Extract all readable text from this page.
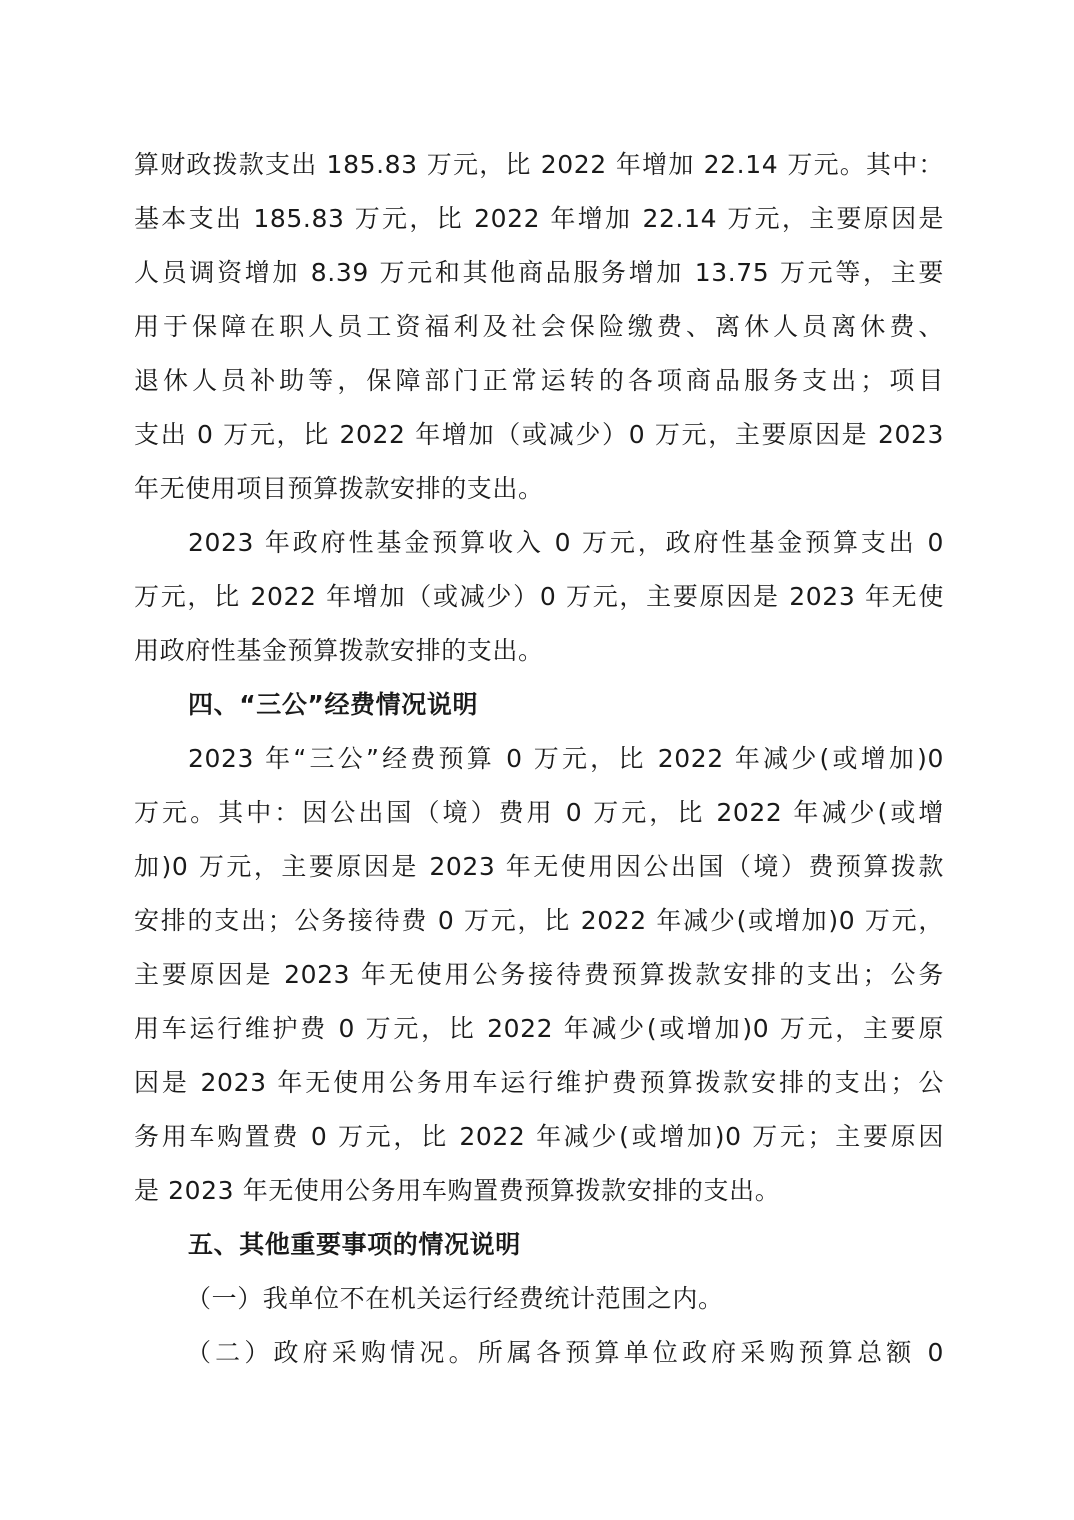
算财政拨款支出 185.83 万元，比 2022 年增加 22.14 万元。其中：
基本支出 185.83 万元，比 2022 年增加 22.14 万元，主要原因是
人员调资增加 8.39 万元和其他商品服务增加 13.75 万元等，主要
用于保障在职人员工资福利及社会保险缴费、离休人员离休费、
退休人员补助等，保障部门正常运转的各项商品服务支出；项目
支出 0 万元，比 2022 年增加（或减少）0 万元，主要原因是 2023
年无使用项目预算拨款安排的支出。
2023 年政府性基金预算收入 0 万元，政府性基金预算支出 0
万元，比 2022 年增加（或减少）0 万元，主要原因是 2023 年无使
用政府性基金预算拨款安排的支出。
四、“三公”经费情况说明
2023 年“三公”经费预算 0 万元，比 2022 年减少(或增加)0
万元。其中：因公出国（境）费用 0 万元，比 2022 年减少(或增
加)0 万元，主要原因是 2023 年无使用因公出国（境）费预算拨款
安排的支出；公务接待费 0 万元，比 2022 年减少(或增加)0 万元，
主要原因是 2023 年无使用公务接待费预算拨款安排的支出；公务
用车运行维护费 0 万元，比 2022 年减少(或增加)0 万元，主要原
因是 2023 年无使用公务用车运行维护费预算拨款安排的支出；公
务用车购置费 0 万元，比 2022 年减少(或增加)0 万元；主要原因
是 2023 年无使用公务用车购置费预算拨款安排的支出。
五、其他重要事项的情况说明
（一）我单位不在机关运行经费统计范围之内。
（二）政府采购情况。所属各预算单位政府采购预算总额 0
